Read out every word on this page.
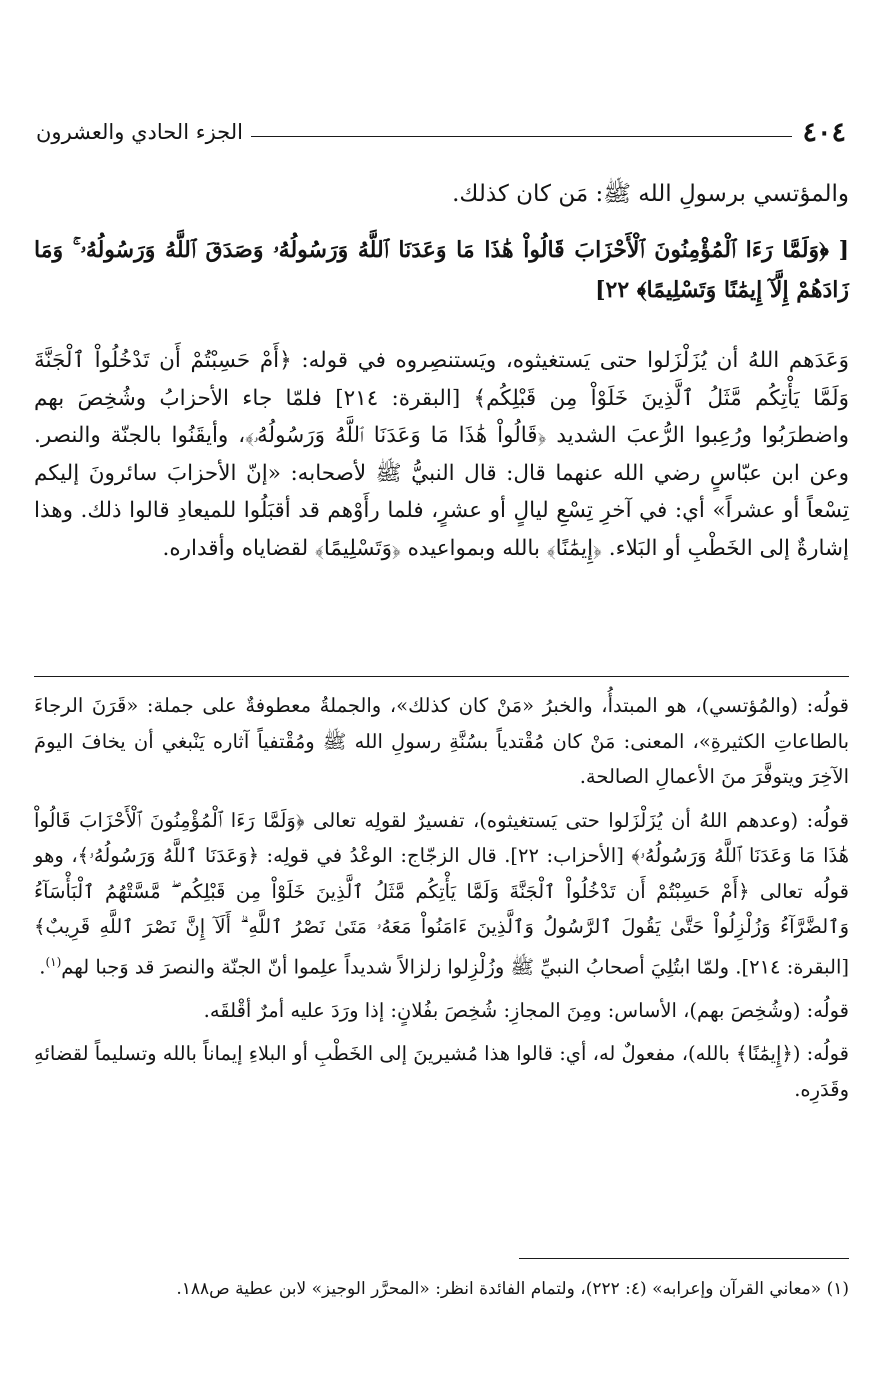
٤٠٤
الجزء الحادي والعشرون

والمؤتسي برسولِ الله ﷺ: مَن كان كذلك.

[ ﴿وَلَمَّا رَءَا ٱلْمُؤْمِنُونَ ٱلْأَحْزَابَ قَالُواْ هَٰذَا مَا وَعَدَنَا ٱللَّهُ وَرَسُولُهُۥ وَصَدَقَ ٱللَّهُ وَرَسُولُهُۥ ۚ وَمَا زَادَهُمْ إِلَّآ إِيمَٰنًا وَتَسْلِيمًا﴾ ٢٢]

وَعَدَهم اللهُ أن يُزَلْزَلوا حتى يَستغيثوه، ويَستنصِروه في قوله: ﴿أَمْ حَسِبْتُمْ أَن تَدْخُلُواْ ٱلْجَنَّةَ وَلَمَّا يَأْتِكُم مَّثَلُ ٱلَّذِينَ خَلَوْاْ مِن قَبْلِكُم﴾ [البقرة: ٢١٤] فلمّا جاء الأحزابُ وشُخِصَ بهم واضطرَبُوا ورُعِبوا الرُّعبَ الشديد ﴿قَالُواْ هَٰذَا مَا وَعَدَنَا ٱللَّهُ وَرَسُولُهُۥ﴾، وأيقَنُوا بالجنّة والنصر. وعن ابن عبّاسٍ رضي الله عنهما قال: قال النبيُّ ﷺ لأصحابه: «إنّ الأحزابَ سائرونَ إليكم تِسْعاً أو عشراً» أي: في آخرِ تِسْعِ ليالٍ أو عشرٍ، فلما رأَوْهم قد أقبَلُوا للميعادِ قالوا ذلك. وهذا إشارةٌ إلى الخَطْبِ أو البَلاء. ﴿إِيمَٰنًا﴾ بالله وبمواعيده ﴿وَتَسْلِيمًا﴾ لقضاياه وأقداره.

قولُه: (والمُؤتسي)، هو المبتدأُ، والخبرُ «مَنْ كان كذلك»، والجملةُ معطوفةٌ على جملة: «قَرَنَ الرجاءَ بالطاعاتِ الكثيرةِ»، المعنى: مَنْ كان مُقْتدياً بسُنَّةِ رسولِ الله ﷺ ومُقْتفياً آثاره يَنْبغي أن يخافَ اليومَ الآخِرَ ويتوفَّرَ منَ الأعمالِ الصالحة.

قولُه: (وعدهم اللهُ أن يُزَلْزَلوا حتى يَستغيثوه)، تفسيرٌ لقولِه تعالى ﴿وَلَمَّا رَءَا ٱلْمُؤْمِنُونَ ٱلْأَحْزَابَ قَالُواْ هَٰذَا مَا وَعَدَنَا ٱللَّهُ وَرَسُولُهُۥ﴾ [الأحزاب: ٢٢]. قال الزجّاج: الوعْدُ في قولِه: ﴿وَعَدَنَا ٱللَّهُ وَرَسُولُهُۥ﴾، وهو قولُه تعالى ﴿أَمْ حَسِبْتُمْ أَن تَدْخُلُواْ ٱلْجَنَّةَ وَلَمَّا يَأْتِكُم مَّثَلُ ٱلَّذِينَ خَلَوْاْ مِن قَبْلِكُم ۖ مَّسَّتْهُمُ ٱلْبَأْسَآءُ وَٱلضَّرَّآءُ وَزُلْزِلُواْ حَتَّىٰ يَقُولَ ٱلرَّسُولُ وَٱلَّذِينَ ءَامَنُواْ مَعَهُۥ مَتَىٰ نَصْرُ ٱللَّهِ ۗ أَلَآ إِنَّ نَصْرَ ٱللَّهِ قَرِيبٌ﴾ [البقرة: ٢١٤]. ولمّا ابتُلِيَ أصحابُ النبيِّ ﷺ وزُلْزِلوا زلزالاً شديداً علِموا أنّ الجنّة والنصرَ قد وَجبا لهم$^{(١)}$.

قولُه: (وشُخِصَ بهم)، الأساس: ومِنَ المجازِ: شُخِصَ بفُلانٍ: إذا ورَدَ عليه أمرٌ أقْلقَه.

قولُه: (﴿إِيمَٰنًا﴾ بالله)، مفعولٌ له، أي: قالوا هذا مُشيرينَ إلى الخَطْبِ أو البلاءِ إيماناً بالله وتسليماً لقضائهِ وقَدَرِه.

(١) «معاني القرآن وإعرابه» (٤: ٢٢٢)، ولتمام الفائدة انظر: «المحرَّر الوجيز» لابن عطية ص١٨٨.
